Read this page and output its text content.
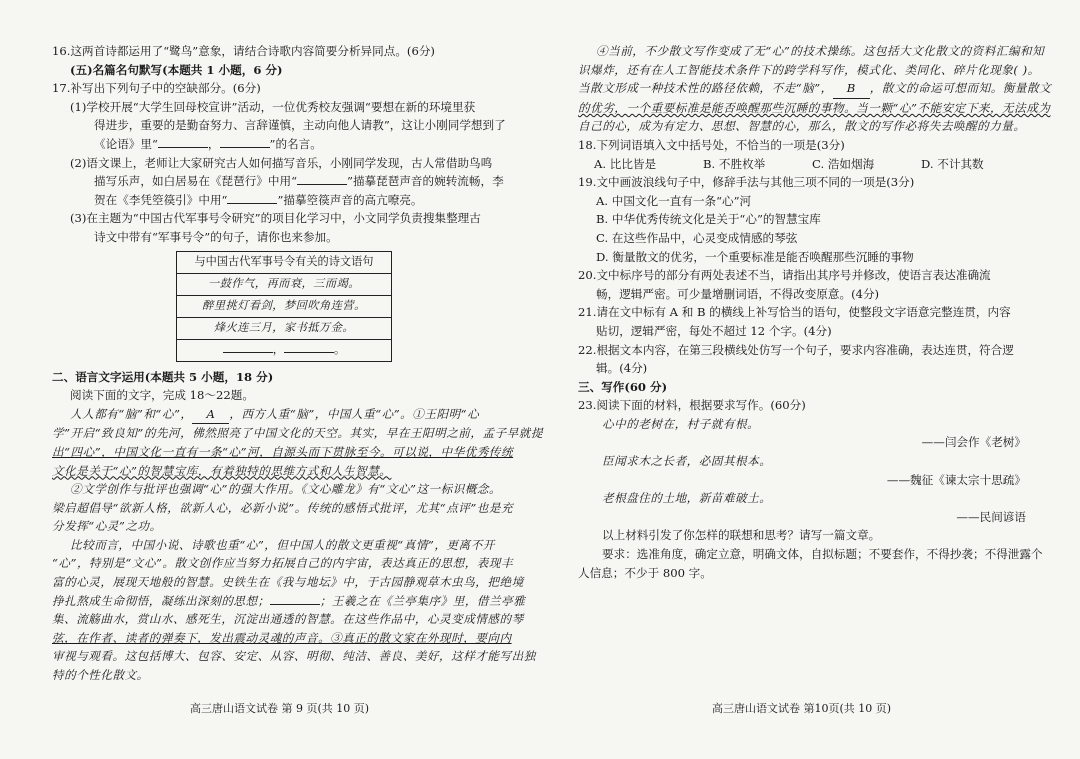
16.这两首诗都运用了“鹭鸟”意象，请结合诗歌内容简要分析异同点。(6分)

(五)名篇名句默写(本题共 1 小题，6 分)

17.补写出下列句子中的空缺部分。(6分)

(1)学校开展“大学生回母校宣讲”活动，一位优秀校友强调“要想在新的环境里获

得进步，重要的是勤奋努力、言辞谨慎，主动向他人请教”，这让小刚同学想到了

《论语》里“	，	”的名言。

(2)语文课上，老师让大家研究古人如何描写音乐，小刚同学发现，古人常借助鸟鸣

描写乐声，如白居易在《琵琶行》中用“	”描摹琵琶声音的婉转流畅，李

贺在《李凭箜篌引》中用“	”描摹箜篌声音的高亢嘹亮。

(3)在主题为“中国古代军事号令研究”的项目化学习中，小文同学负责搜集整理古

诗文中带有“军事号令”的句子，请你也来参加。

与中国古代军事号令有关的诗文语句
一鼓作气，再而衰，三而竭。
醉里挑灯看剑，梦回吹角连营。
烽火连三月，家书抵万金。
，	。

二、语言文字运用(本题共 5 小题，18 分)

阅读下面的文字，完成 18～22题。

人人都有“脑”和“心”， A ，西方人重“脑”，中国人重“心”。①王阳明“心

学”开启“致良知”的先河，佛然照亮了中国文化的天空。其实，早在王阳明之前，孟子早就提

出“四心”，中国文化一直有一条“心”河，自源头而下贯脉至今。可以说，中华优秀传统

文化是关于“心”的智慧宝库，有着独特的思维方式和人生智慧。

②文学创作与批评也强调“心”的强大作用。《文心雕龙》有“文心”这一标识概念。

梁启超倡导“欲新人格，欲新人心，必新小说”。传统的感悟式批评，尤其“点评”也是充

分发挥“心灵”之功。

比较而言，中国小说、诗歌也重“心”，但中国人的散文更重视“真情”，更离不开

“心”，特别是“文心”。散文创作应当努力拓展自己的内宇宙，表达真正的思想，表现丰

富的心灵，展现天地般的智慧。史铁生在《我与地坛》中，于古园静观草木虫鸟，把绝境

挣扎熬成生命彻悟，凝练出深刻的思想；	；王羲之在《兰亭集序》里，借兰亭雅

集、流觞曲水，赏山水、感死生，沉淀出通透的智慧。在这些作品中，心灵变成情感的琴

弦，在作者、读者的弹奏下，发出震动灵魂的声音。③真正的散文家在外现时，要向内

审视与观看。这包括博大、包容、安定、从容、明彻、纯洁、善良、美好，这样才能写出独

特的个性化散文。

④当前，不少散文写作变成了无“心”的技术操练。这包括大文化散文的资料汇编和知

识爆炸，还有在人工智能技术条件下的跨学科写作，模式化、类同化、碎片化现象( )。

当散文形成一种技术性的路径依赖，不走“脑”， B ，散文的命运可想而知。衡量散文

的优劣，一个重要标准是能否唤醒那些沉睡的事物。当一颗“心”不能安定下来，无法成为

自己的心，成为有定力、思想、智慧的心，那么，散文的写作必将失去唤醒的力量。

18.下列词语填入文中括号处，不恰当的一项是(3分)

A. 比比皆是	B. 不胜枚举	C. 浩如烟海	D. 不计其数

19.文中画波浪线句子中，修辞手法与其他三项不同的一项是(3分)

A. 中国文化一直有一条“心”河

B. 中华优秀传统文化是关于“心”的智慧宝库

C. 在这些作品中，心灵变成情感的琴弦

D. 衡量散文的优劣，一个重要标准是能否唤醒那些沉睡的事物

20.文中标序号的部分有两处表述不当，请指出其序号并修改，使语言表达准确流

畅，逻辑严密。可少量增删词语，不得改变原意。(4分)

21.请在文中标有 A 和 B 的横线上补写恰当的语句，使整段文字语意完整连贯，内容

贴切，逻辑严密，每处不超过 12 个字。(4分)

22.根据文本内容，在第三段横线处仿写一个句子，要求内容准确，表达连贯，符合逻

辑。(4分)

三、写作(60 分)

23.阅读下面的材料，根据要求写作。(60分)

心中的老树在，村子就有根。

——闫会作《老树》

臣闻求木之长者，必固其根本。

——魏征《谏太宗十思疏》

老根盘住的土地，新苗难破土。

——民间谚语

以上材料引发了你怎样的联想和思考？请写一篇文章。

要求：选准角度，确定立意，明确文体，自拟标题；不要套作，不得抄袭；不得泄露个

人信息；不少于 800 字。

高三唐山语文试卷 第 9 页(共 10 页)	高三唐山语文试卷 第10页(共 10 页)
